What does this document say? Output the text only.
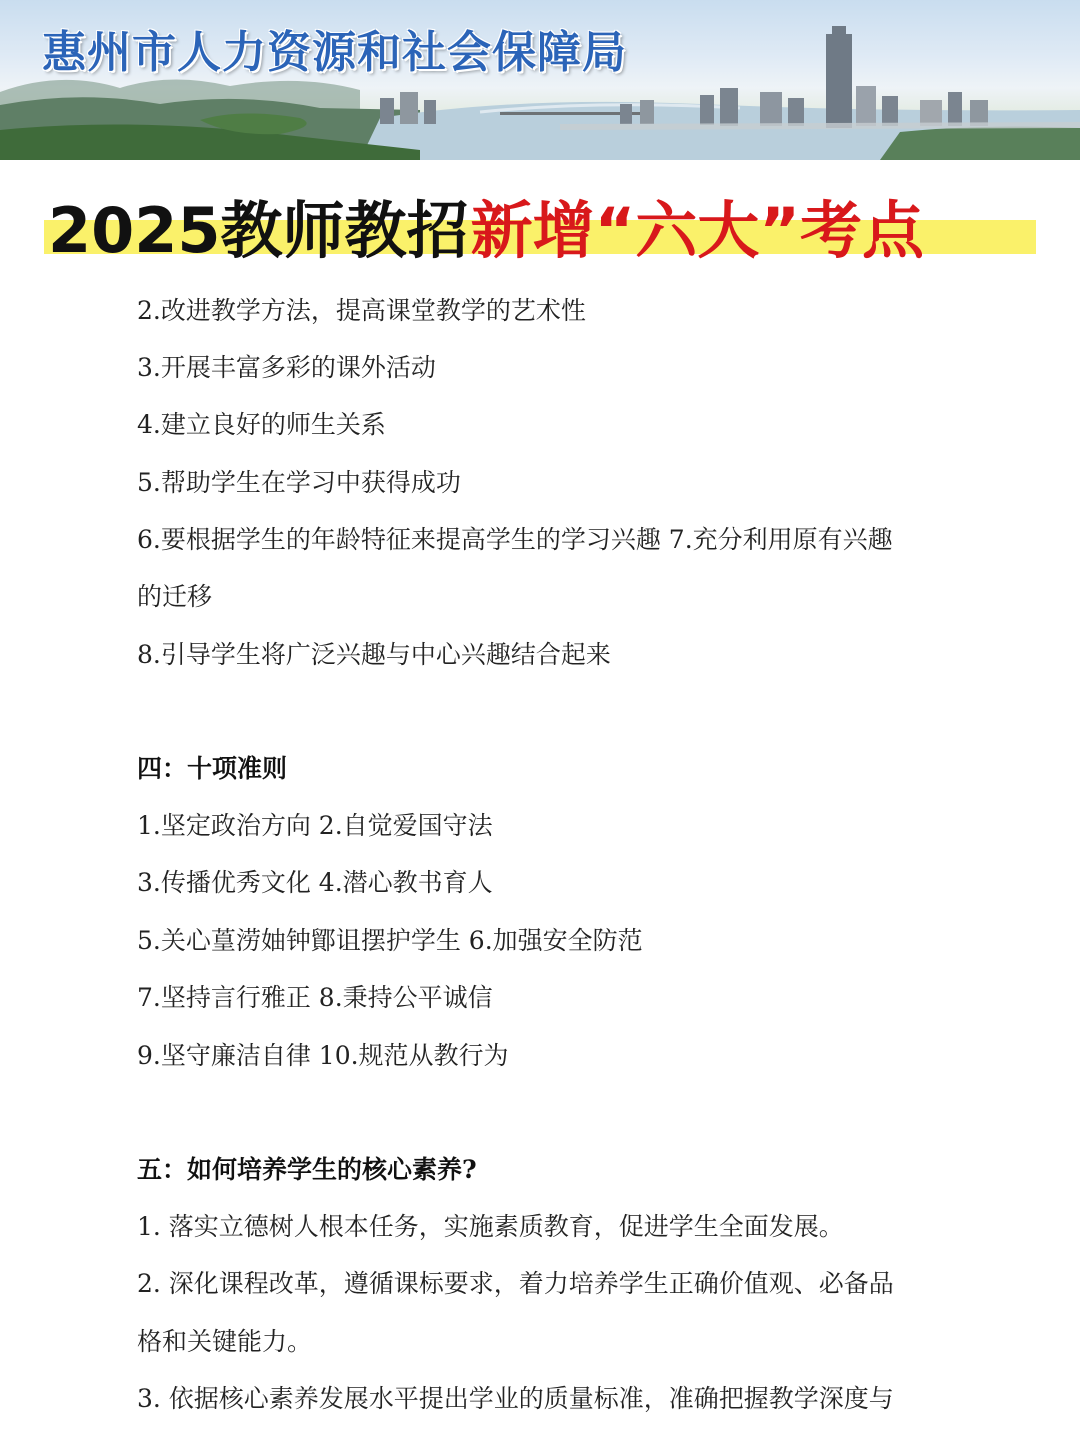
惠州市人力资源和社会保障局
2025教师教招新增“六大”考点
2.改进教学方法，提高课堂教学的艺术性
3.开展丰富多彩的课外活动
4.建立良好的师生关系
5.帮助学生在学习中获得成功
6.要根据学生的年龄特征来提高学生的学习兴趣 7.充分利用原有兴趣
的迁移
8.引导学生将广泛兴趣与中心兴趣结合起来
四：十项准则
1.坚定政治方向 2.自觉爱国守法
3.传播优秀文化 4.潜心教书育人
5.关心葟涝妯钟鄮诅摆护学生 6.加强安全防范
7.坚持言行雅正 8.秉持公平诚信
9.坚守廉洁自律 10.规范从教行为
五：如何培养学生的核心素养?
1. 落实立德树人根本任务，实施素质教育，促进学生全面发展。
2. 深化课程改革，遵循课标要求，着力培养学生正确价值观、必备品
格和关键能力。
3. 依据核心素养发展水平提出学业的质量标准，准确把握教学深度与
